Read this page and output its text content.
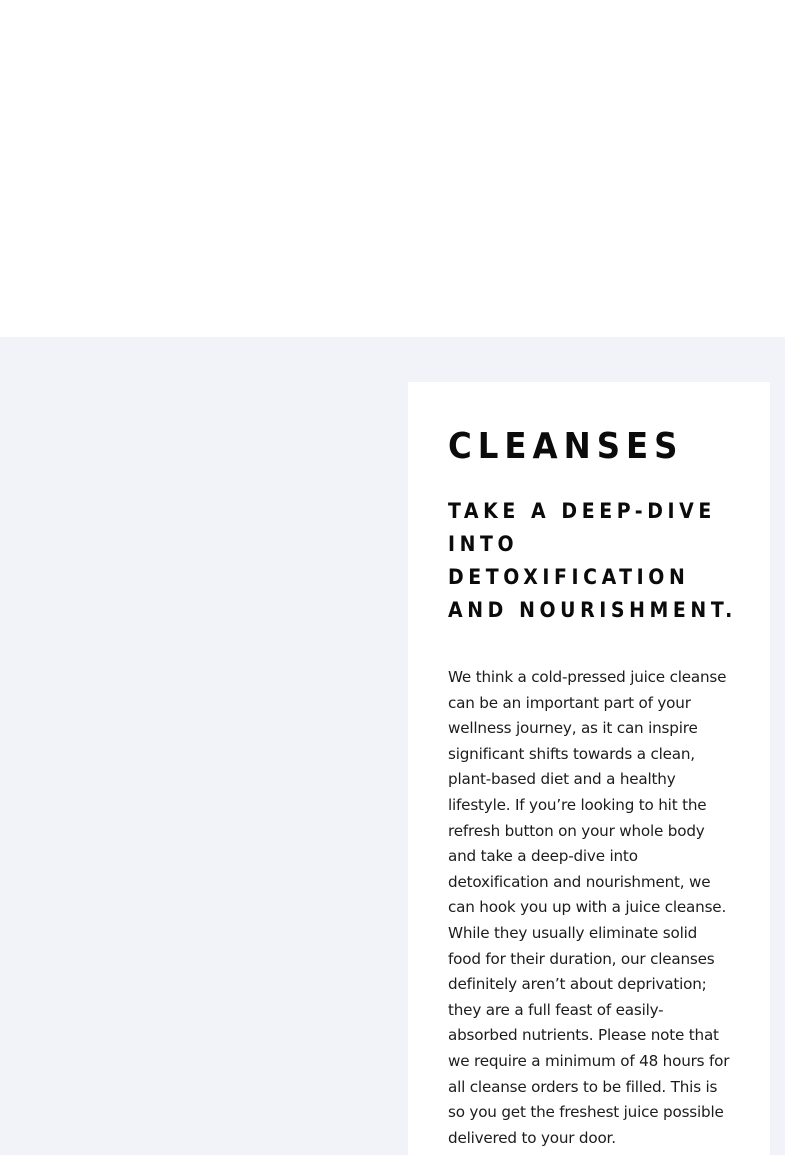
CLEANSES
TAKE A DEEP-DIVE INTO DETOXIFICATION AND NOURISHMENT.

We think a cold-pressed juice cleanse can be an important part of your wellness journey, as it can inspire significant shifts towards a clean, plant-based diet and a healthy lifestyle. If you’re looking to hit the refresh button on your whole body and take a deep-dive into detoxification and nourishment, we can hook you up with a juice cleanse.

While they usually eliminate solid food for their duration, our cleanses definitely aren’t about deprivation; they are a full feast of easily-absorbed nutrients. Please note that we require a minimum of 48 hours for all cleanse orders to be filled. This is so you get the freshest juice possible delivered to your door.
